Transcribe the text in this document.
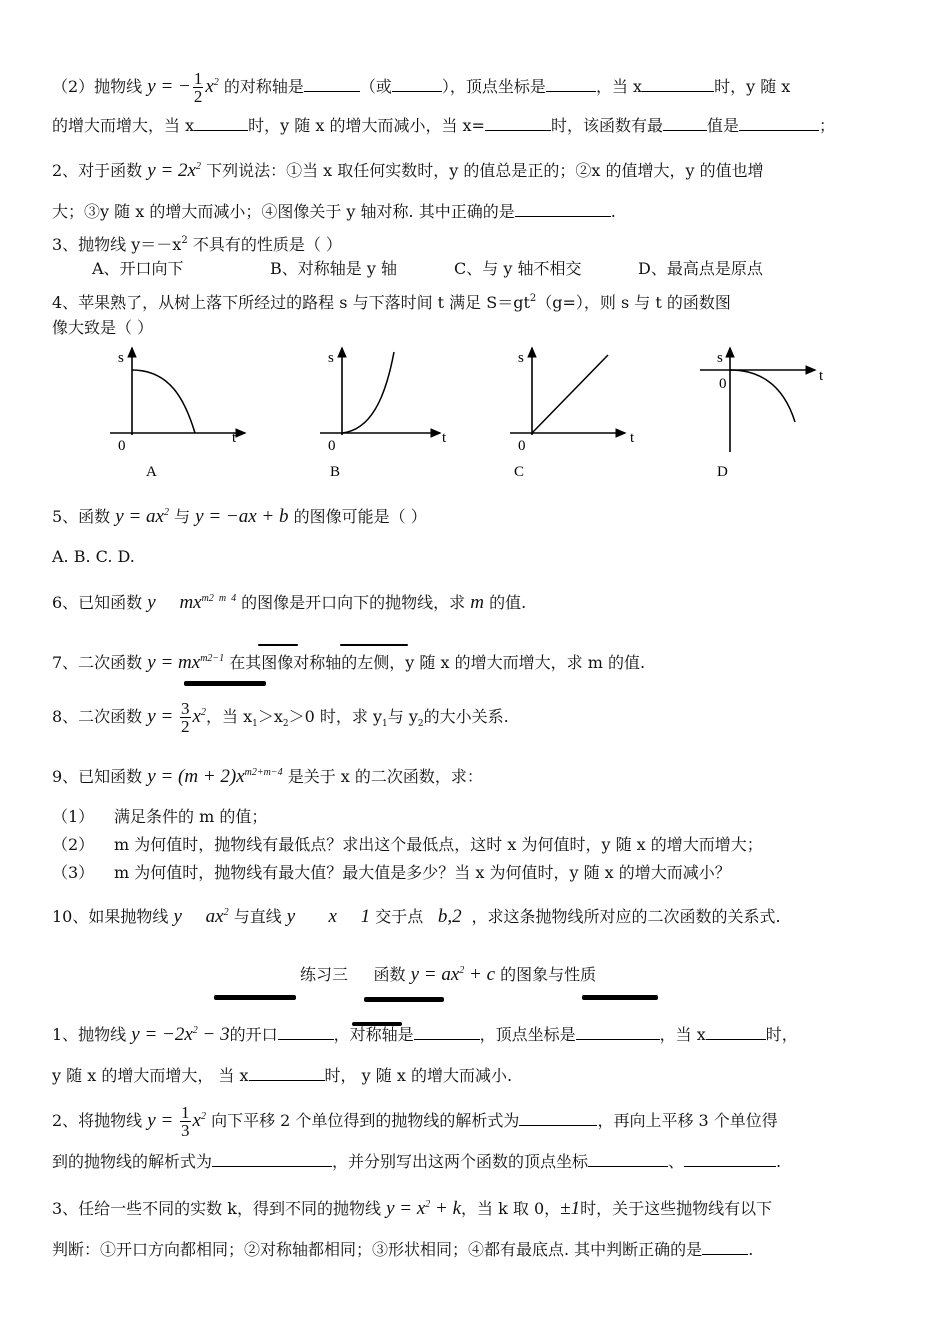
（2）抛物线 y = − $\frac{1}{2} x^2$ 的对称轴是	（或	），顶点坐标是	，当 x	时，y 随 x
的增大而增大，当 x	时，y 随 x 的增大而减小，当 x=	时，该函数有最	值是	；
2、对于函数 $y = 2x^2$ 下列说法：①当 x 取任何实数时，y 的值总是正的；②x 的值增大，y 的值也增
大；③y 随 x 的增大而减小；④图像关于 y 轴对称. 其中正确的是	.
3、抛物线 $y=-x^2$ 不具有的性质是（ ）
A、开口向下	B、对称轴是 y 轴	C、与 y 轴不相交	D、最高点是原点
4、苹果熟了，从树上落下所经过的路程 s 与下落时间 t 满足 $S=gt^2(g=)$，则 s 与 t 的函数图
像大致是（ ）
s
t
0
A
s
t
0
B
s
t
0
C
s
t
0
D
5、函数 $y = ax^2$ 与 y = −ax + b 的图像可能是（ ）
A. B. C. D.
6、已知函数 y     $mx^{m2 m 4}$ 的图像是开口向下的抛物线，求 m 的值.
7、二次函数 $y = mx^{m2-1}$ 在其图像对称轴的左侧，y 随 x 的增大而增大，求 m 的值.
8、二次函数 $y = \frac{3}{2} x^2$，当 $x_1>x_2>0$ 时，求 $y_1$与 $y_2$的大小关系.
9、已知函数 $y = (m + 2)x^{m2+m-4}$ 是关于 x 的二次函数，求：
（1） 满足条件的 m 的值；
（2） m 为何值时，抛物线有最低点？求出这个最低点，这时 x 为何值时，y 随 x 的增大而增大；
（3） m 为何值时，抛物线有最大值？最大值是多少？当 x 为何值时，y 随 x 的增大而减小？
10、如果抛物线 y     $ax^2$ 与直线 y       x     1 交于点   b,2  ，求这条抛物线所对应的二次函数的关系式.
练习三 函数 $y = ax^2 + c$ 的图象与性质
1、抛物线 $y = -2x^2 - 3$的开口	，对称轴是	，顶点坐标是	，当 x	时，
y 随 x 的增大而增大， 当 x	时， y 随 x 的增大而减小.
2、将抛物线 $y = \frac{1}{3} x^2$ 向下平移 2 个单位得到的抛物线的解析式为	，再向上平移 3 个单位得
到的抛物线的解析式为	，并分别写出这两个函数的顶点坐标	、	.
3、任给一些不同的实数 k，得到不同的抛物线 $y = x^2 + k$，当 k 取 0，±1时，关于这些抛物线有以下
判断：①开口方向都相同；②对称轴都相同；③形状相同；④都有最底点. 其中判断正确的是	.
